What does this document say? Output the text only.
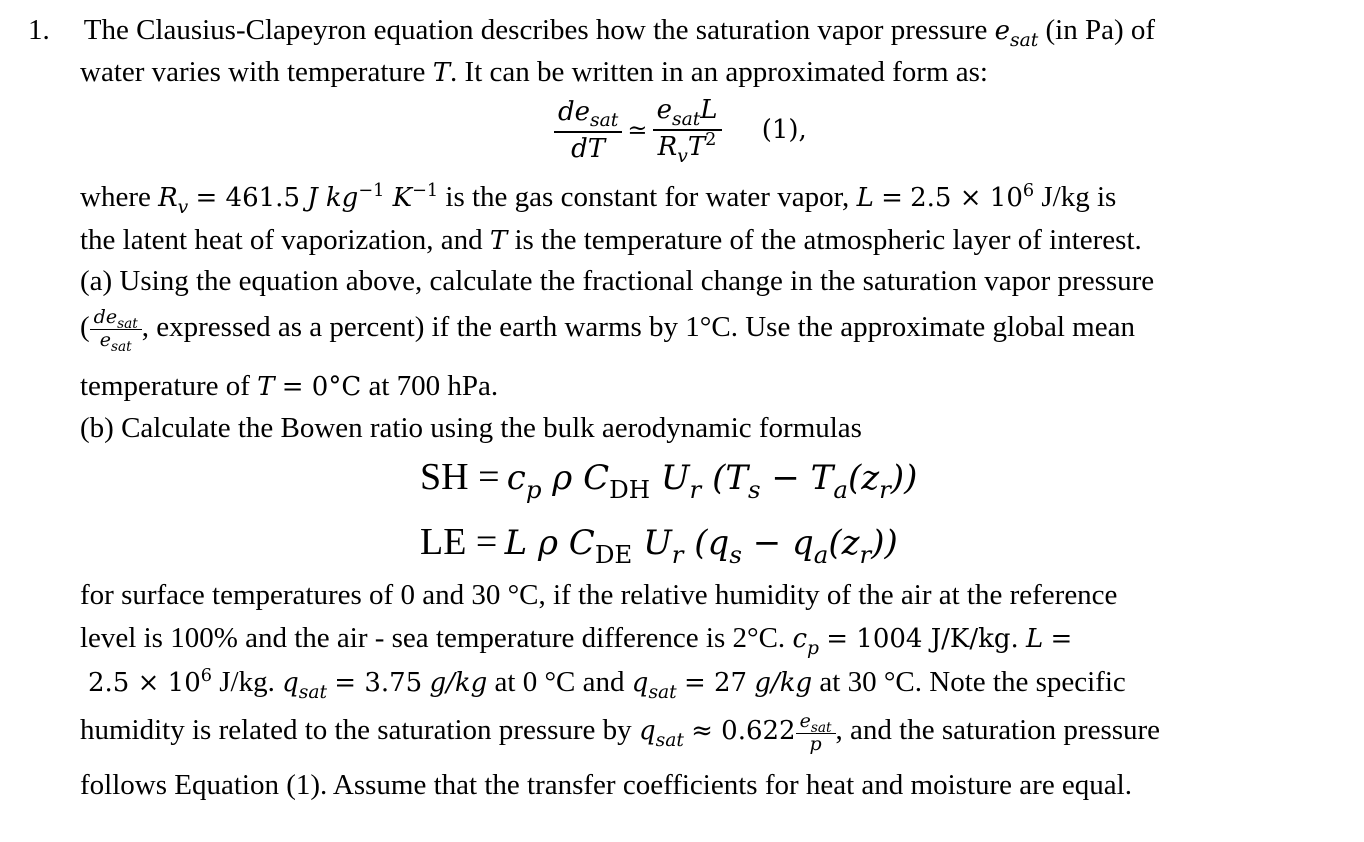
1. The Clausius-Clapeyron equation describes how the saturation vapor pressure $e_{sat}$ (in Pa) of
water varies with temperature T. It can be written in an approximated form as:
$\frac{de_{sat}}{dT}$ ≃ $\frac{e_{sat}L}{R_vT^2} (1)$,
where $R_v = 461.5$ J $kg^{-1}$ $K^{-1}$ is the gas constant for water vapor, $L = 2.5 \times 10^6$ J/kg is
the latent heat of vaporization, and T is the temperature of the atmospheric layer of interest.
(a) Using the equation above, calculate the fractional change in the saturation vapor pressure
( $\frac{de_{sat}}{e_{sat}}$ , expressed as a percent) if the earth warms by 1°C. Use the approximate global mean
temperature of T = 0°C at 700 hPa.
(b) Calculate the Bowen ratio using the bulk aerodynamic formulas
SH = $c_p$ ρ $C_{DH}$ $U_r$ $(T_s - T_a(z_r))$
LE = L ρ $C_{DE}$ $U_r$ $(q_s - q_a(z_r))$
for surface temperatures of 0 and 30 °C, if the relative humidity of the air at the reference
level is 100% and the air - sea temperature difference is 2°C. $c_p = 1004$ J/K/kg. L =
$2.5 \times 10^6$ J/kg. $q_{sat} = 3.75$ g/kg at 0 °C and $q_{sat} = 27$ g/kg at 30 °C. Note the specific
humidity is related to the saturation pressure by $q_{sat} \approx 0.622 \frac{e_{sat}}{p}$ , and the saturation pressure
follows Equation (1). Assume that the transfer coefficients for heat and moisture are equal.
